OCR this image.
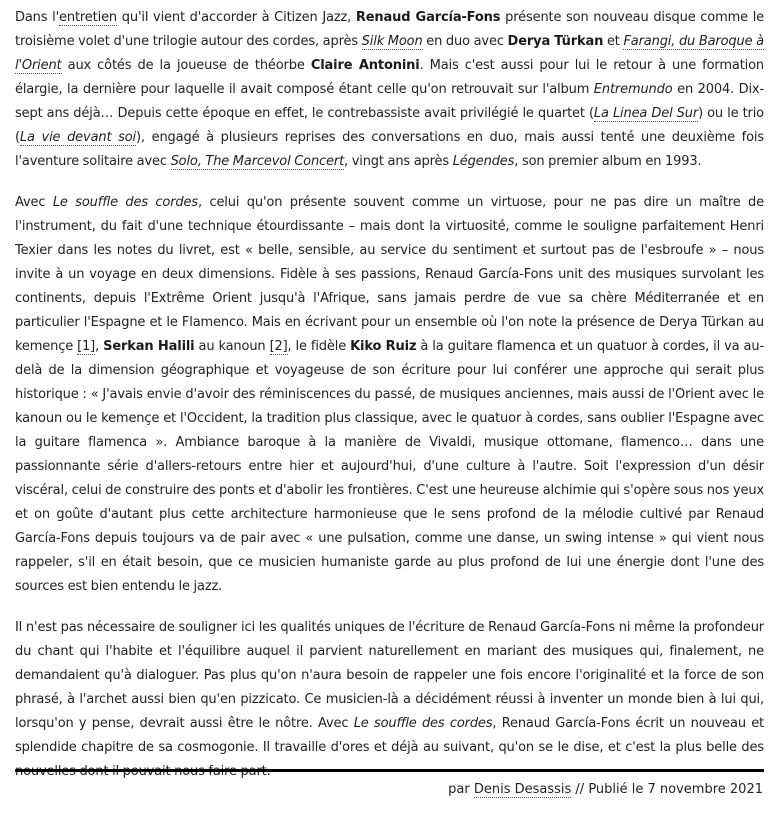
Dans l'entretien qu'il vient d'accorder à Citizen Jazz, Renaud García-Fons présente son nouveau disque comme le troisième volet d'une trilogie autour des cordes, après Silk Moon en duo avec Derya Türkan et Farangi, du Baroque à l'Orient aux côtés de la joueuse de théorbe Claire Antonini. Mais c'est aussi pour lui le retour à une formation élargie, la dernière pour laquelle il avait composé étant celle qu'on retrouvait sur l'album Entremundo en 2004. Dix-sept ans déjà… Depuis cette époque en effet, le contrebassiste avait privilégié le quartet (La Linea Del Sur) ou le trio (La vie devant soi), engagé à plusieurs reprises des conversations en duo, mais aussi tenté une deuxième fois l'aventure solitaire avec Solo, The Marcevol Concert, vingt ans après Légendes, son premier album en 1993.

Avec Le souffle des cordes, celui qu'on présente souvent comme un virtuose, pour ne pas dire un maître de l'instrument, du fait d'une technique étourdissante – mais dont la virtuosité, comme le souligne parfaitement Henri Texier dans les notes du livret, est « belle, sensible, au service du sentiment et surtout pas de l'esbroufe » – nous invite à un voyage en deux dimensions. Fidèle à ses passions, Renaud García-Fons unit des musiques survolant les continents, depuis l'Extrême Orient jusqu'à l'Afrique, sans jamais perdre de vue sa chère Méditerranée et en particulier l'Espagne et le Flamenco. Mais en écrivant pour un ensemble où l'on note la présence de Derya Türkan au kemençe [1], Serkan Halili au kanoun [2], le fidèle Kiko Ruiz à la guitare flamenca et un quatuor à cordes, il va au-delà de la dimension géographique et voyageuse de son écriture pour lui conférer une approche qui serait plus historique : « J'avais envie d'avoir des réminiscences du passé, de musiques anciennes, mais aussi de l'Orient avec le kanoun ou le kemençe et l'Occident, la tradition plus classique, avec le quatuor à cordes, sans oublier l'Espagne avec la guitare flamenca ». Ambiance baroque à la manière de Vivaldi, musique ottomane, flamenco… dans une passionnante série d'allers-retours entre hier et aujourd'hui, d'une culture à l'autre. Soit l'expression d'un désir viscéral, celui de construire des ponts et d'abolir les frontières. C'est une heureuse alchimie qui s'opère sous nos yeux et on goûte d'autant plus cette architecture harmonieuse que le sens profond de la mélodie cultivé par Renaud García-Fons depuis toujours va de pair avec « une pulsation, comme une danse, un swing intense » qui vient nous rappeler, s'il en était besoin, que ce musicien humaniste garde au plus profond de lui une énergie dont l'une des sources est bien entendu le jazz.

Il n'est pas nécessaire de souligner ici les qualités uniques de l'écriture de Renaud García-Fons ni même la profondeur du chant qui l'habite et l'équilibre auquel il parvient naturellement en mariant des musiques qui, finalement, ne demandaient qu'à dialoguer. Pas plus qu'on n'aura besoin de rappeler une fois encore l'originalité et la force de son phrasé, à l'archet aussi bien qu'en pizzicato. Ce musicien-là a décidément réussi à inventer un monde bien à lui qui, lorsqu'on y pense, devrait aussi être le nôtre. Avec Le souffle des cordes, Renaud García-Fons écrit un nouveau et splendide chapitre de sa cosmogonie. Il travaille d'ores et déjà au suivant, qu'on se le dise, et c'est la plus belle des

par Denis Desassis // Publié le 7 novembre 2021
